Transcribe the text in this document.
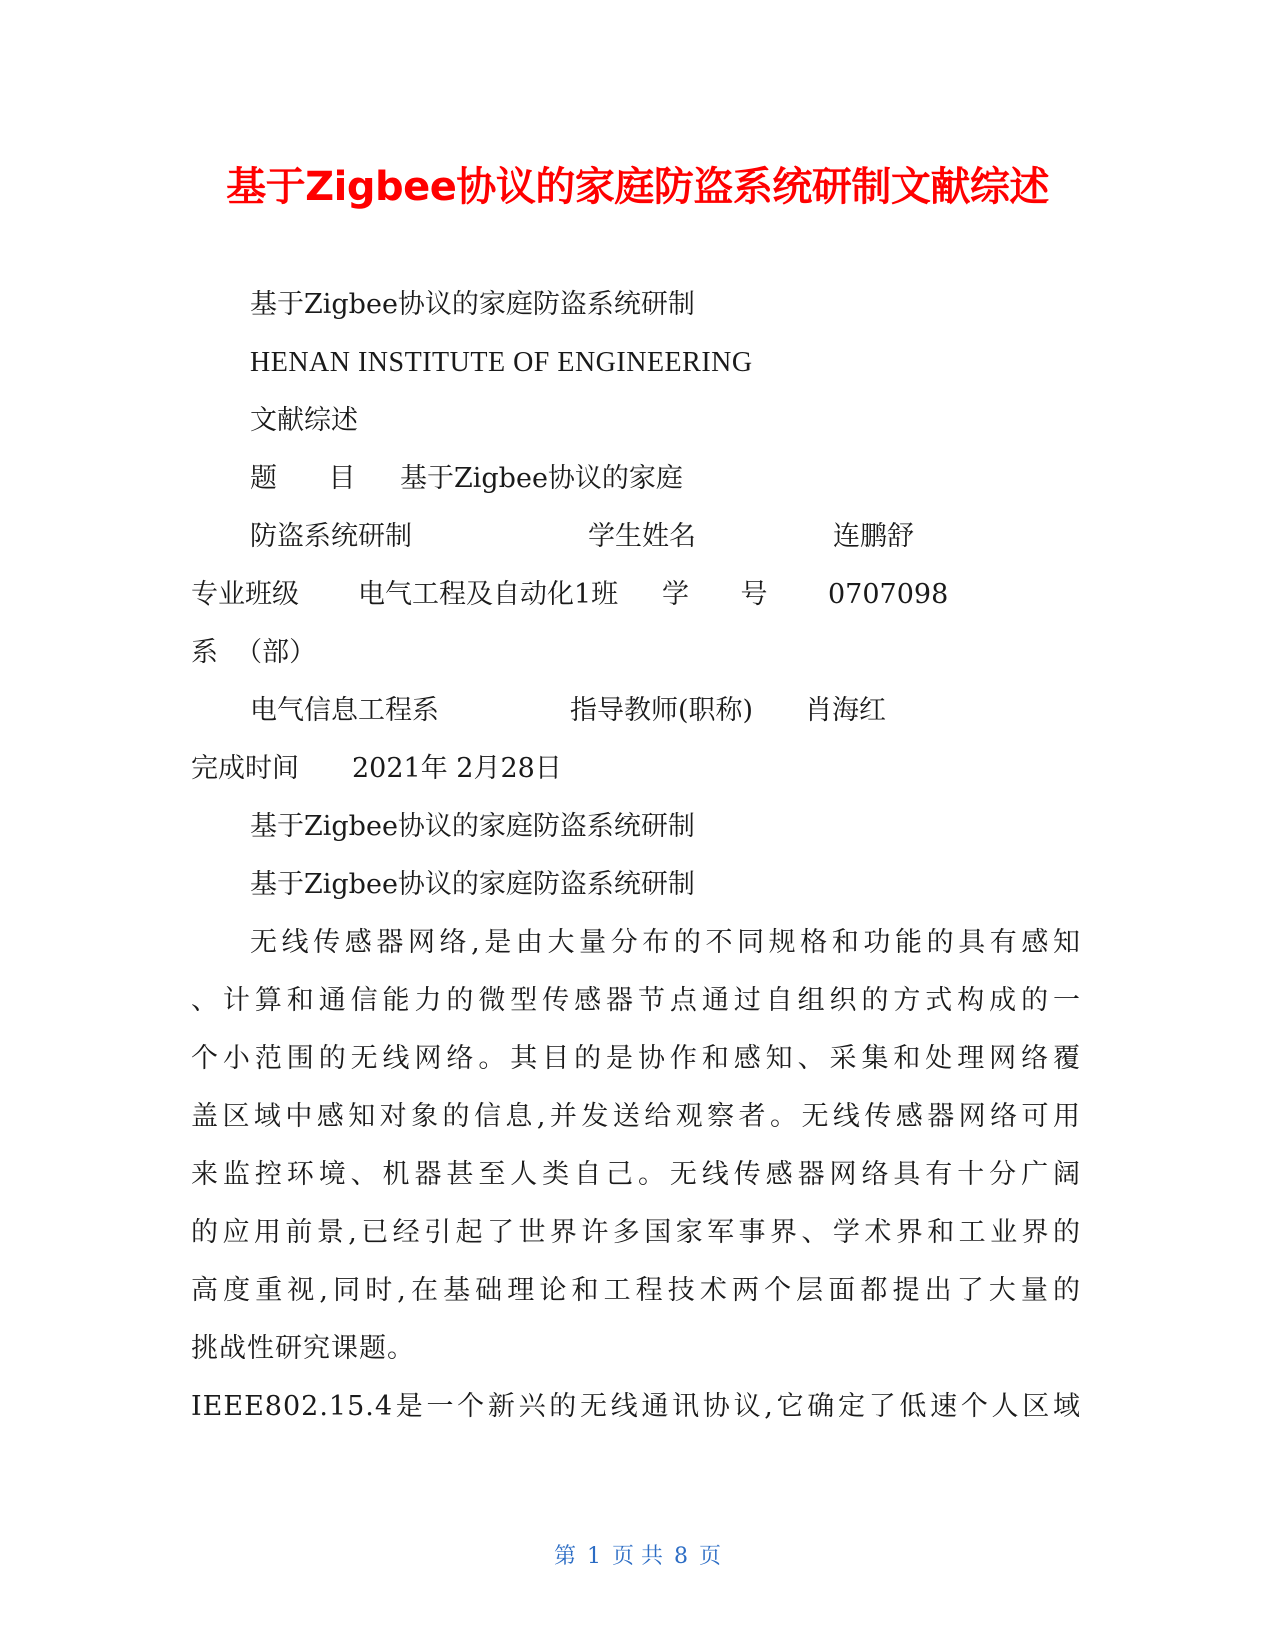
基于Zigbee协议的家庭防盗系统研制文献综述
基于Zigbee协议的家庭防盗系统研制
HENAN INSTITUTE OF ENGINEERING
文献综述
题      目 基于Zigbee协议的家庭
防盗系统研制	学生姓名	连鹏舒
专业班级 电气工程及自动化1班 学      号 0707098
系  （部）
电气信息工程系	指导教师(职称) 肖海红
完成时间 2021年 2月28日
基于Zigbee协议的家庭防盗系统研制
基于Zigbee协议的家庭防盗系统研制
无线传感器网络,是由大量分布的不同规格和功能的具有感知
、计算和通信能力的微型传感器节点通过自组织的方式构成的一
个小范围的无线网络。其目的是协作和感知、采集和处理网络覆
盖区域中感知对象的信息,并发送给观察者。无线传感器网络可用
来监控环境、机器甚至人类自己。无线传感器网络具有十分广阔
的应用前景,已经引起了世界许多国家军事界、学术界和工业界的
高度重视,同时,在基础理论和工程技术两个层面都提出了大量的
挑战性研究课题。
IEEE802.15.4是一个新兴的无线通讯协议,它确定了低速个人区域
第 1 页 共 8 页
